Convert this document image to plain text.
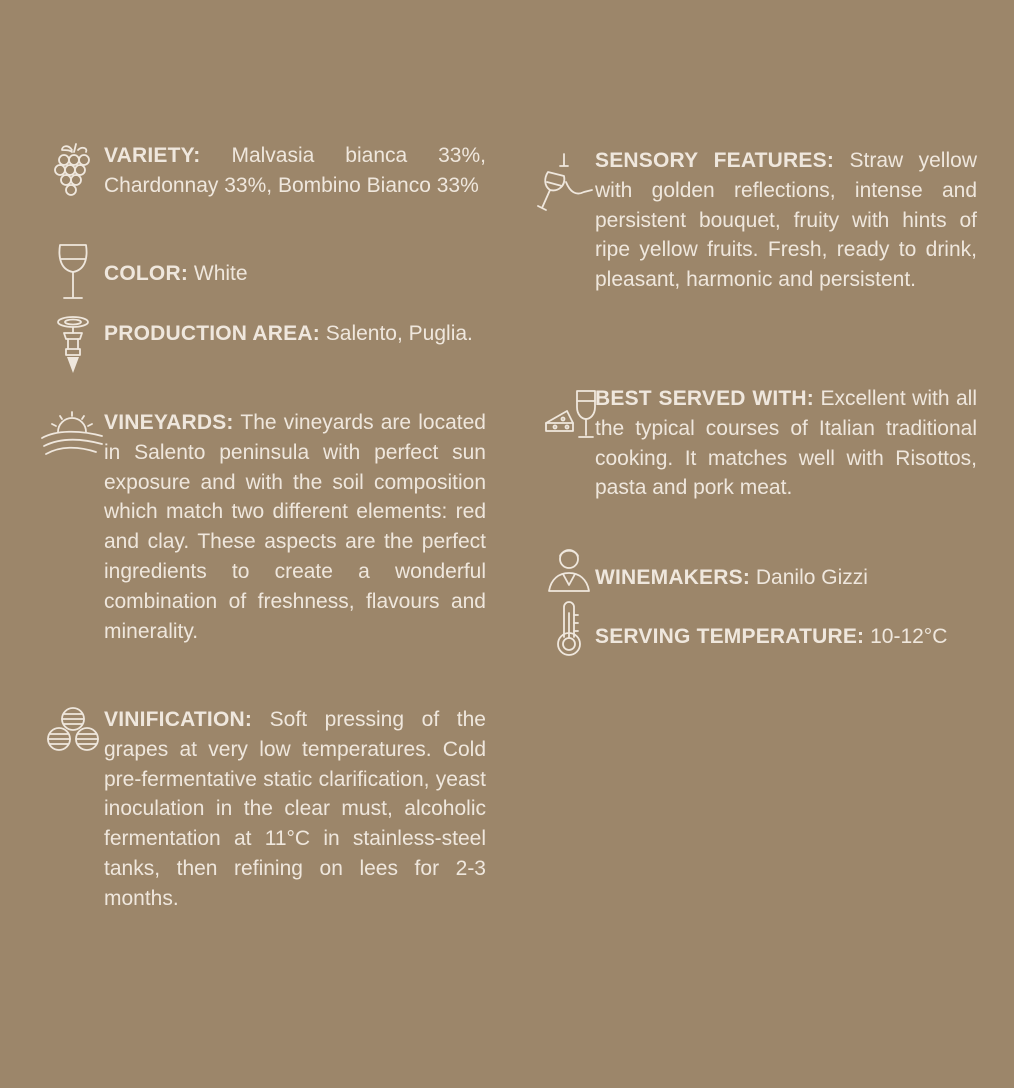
VARIETY: Malvasia bianca 33%, Chardonnay 33%, Bombino Bianco 33%

COLOR: White

PRODUCTION AREA: Salento, Puglia.

VINEYARDS: The vineyards are located in Salento peninsula with perfect sun exposure and with the soil composition which match two different elements: red and clay. These aspects are the perfect ingredients to create a wonderful combination of freshness, flavours and minerality.

VINIFICATION: Soft pressing of the grapes at very low temperatures. Cold pre-fermentative static clarification, yeast inoculation in the clear must, alcoholic fermentation at 11°C in stainless-steel tanks, then refining on lees for 2-3 months.

SENSORY FEATURES: Straw yellow with golden reflections, intense and persistent bouquet, fruity with hints of ripe yellow fruits. Fresh, ready to drink, pleasant, harmonic and persistent.

BEST SERVED WITH: Excellent with all the typical courses of Italian traditional cooking. It matches well with Risottos, pasta and pork meat.

WINEMAKERS: Danilo Gizzi

SERVING TEMPERATURE: 10-12°C
